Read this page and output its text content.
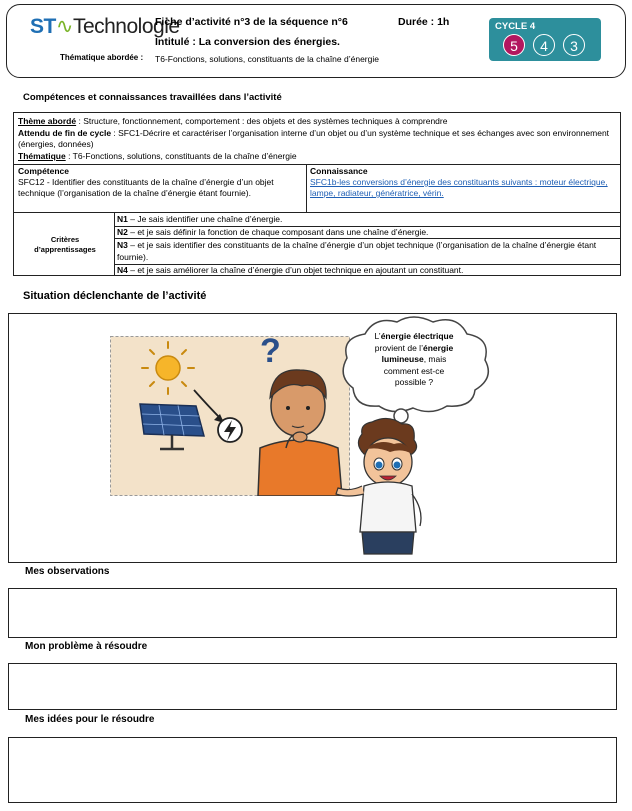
ST∿Technologie
Thématique abordée :
Fiche d’activité n°3 de la séquence n°6	Durée : 1h
Intitulé : La conversion des énergies.
T6-Fonctions, solutions, constituants de la chaîne d’énergie
CYCLE 4
5	4	3
Compétences et connaissances travaillées dans l’activité
Thème abordé : Structure, fonctionnement, comportement : des objets et des systèmes techniques à comprendre
Attendu de fin de cycle : SFC1-Décrire et caractériser l’organisation interne d’un objet ou d’un système technique et ses échanges avec son environnement (énergies, données)
Thématique : T6-Fonctions, solutions, constituants de la chaîne d’énergie
Compétence
SFC12 - Identifier des constituants de la chaîne d’énergie d’un objet technique (l’organisation de la chaîne d’énergie étant fournie).
Connaissance
SFC1b-les conversions d’énergie des constituants suivants : moteur électrique, lampe, radiateur, génératrice, vérin.
Critères d’apprentissages
N1 – Je sais identifier une chaîne d’énergie.
N2 – et je sais définir la fonction de chaque composant dans une chaîne d’énergie.
N3 – et je sais identifier des constituants de la chaîne d’énergie d’un objet technique (l’organisation de la chaîne d’énergie étant fournie).
N4 – et je sais améliorer la chaîne d’énergie d’un objet technique en ajoutant un constituant.
Situation déclenchante de l’activité
?	L’énergie électrique
provient de l’énergie
lumineuse, mais
comment est-ce
possible ?
Mes observations
Mon problème à résoudre
Mes idées pour le résoudre
